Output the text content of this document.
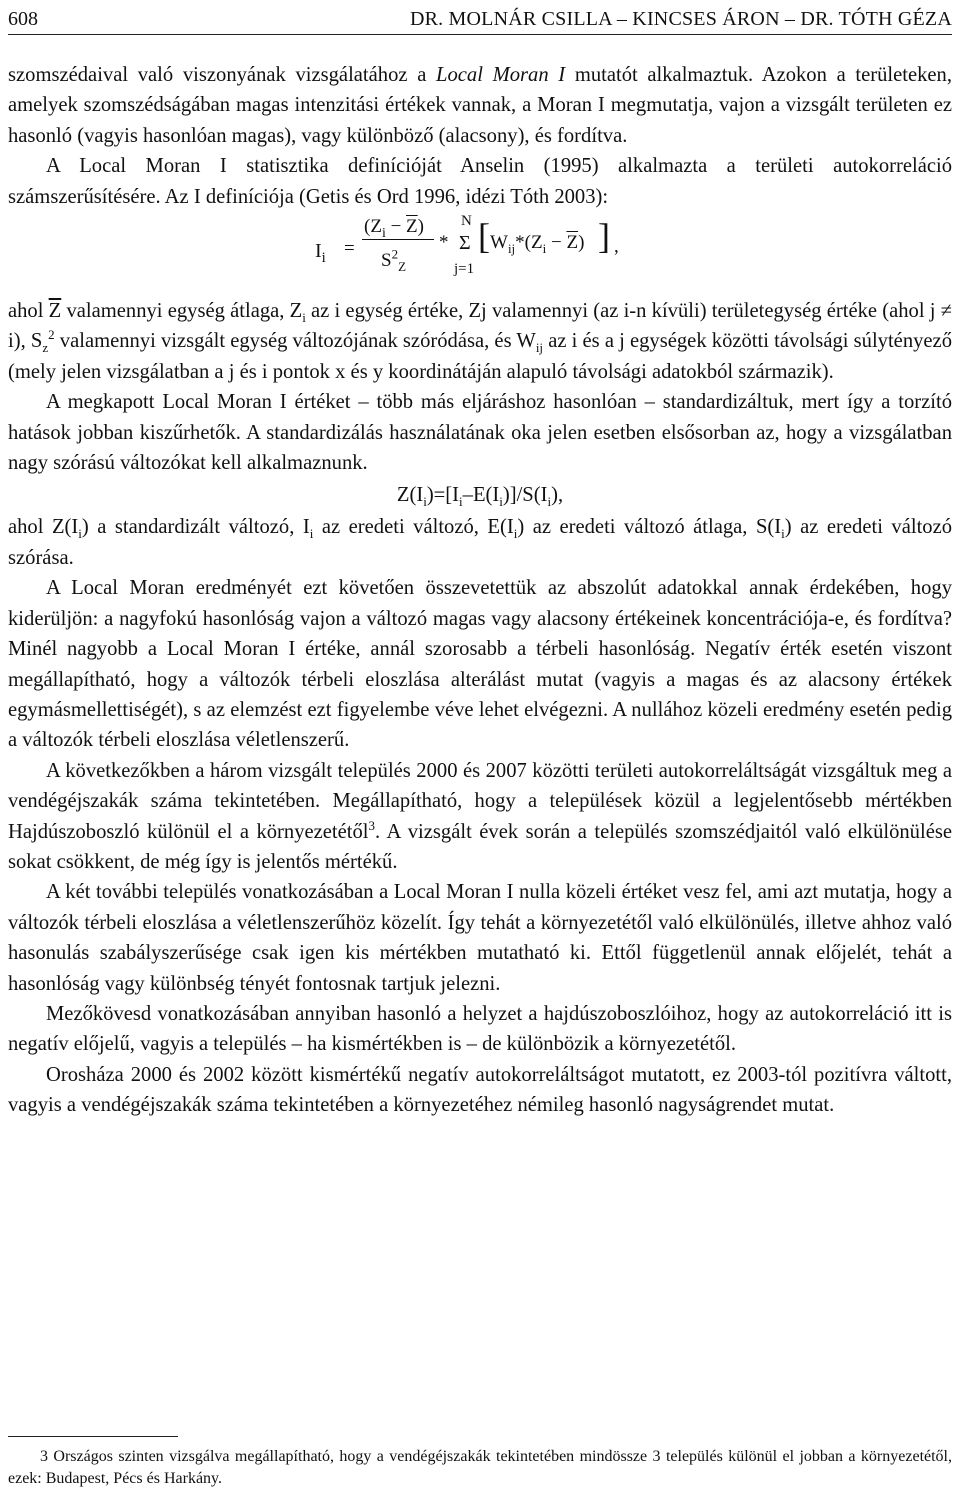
608	DR. MOLNÁR CSILLA – KINCSES ÁRON – DR. TÓTH GÉZA

szomszédaival való viszonyának vizsgálatához a Local Moran I mutatót alkalmaztuk. Azokon a területeken, amelyek szomszédságában magas intenzitási értékek vannak, a Moran I megmutatja, vajon a vizsgált területen ez hasonló (vagyis hasonlóan magas), vagy különböző (alacsony), és fordítva.

A Local Moran I statisztika definícióját Anselin (1995) alkalmazta a területi autokorreláció számszerűsítésére. Az I definíciója (Getis és Ord 1996, idézi Tóth 2003):

$I_i$ =
$(Z_i - \overline{Z})$
$S^2_Z$
*
N
Σ
j=1
[ $W_{ij}*(Z_i - \overline{Z})$ ] ,

ahol $\overline{Z}$ valamennyi egység átlaga, $Z_i$ az i egység értéke, Zj valamennyi (az i-n kívüli) területegység értéke (ahol j ≠ i), $S_z^2$ valamennyi vizsgált egység változójának szóródása, és $W_{ij}$ az i és a j egységek közötti távolsági súlytényező (mely jelen vizsgálatban a j és i pontok x és y koordinátáján alapuló távolsági adatokból származik).

A megkapott Local Moran I értéket – több más eljáráshoz hasonlóan – standardizáltuk, mert így a torzító hatások jobban kiszűrhetők. A standardizálás használatának oka jelen esetben elsősorban az, hogy a vizsgálatban nagy szórású változókat kell alkalmaznunk.

$Z(I_i)=[I_i-E(I_i)]/S(I_i)$,

ahol $Z(I_i)$ a standardizált változó, $I_i$ az eredeti változó, $E(I_i)$ az eredeti változó átlaga, $S(I_i)$ az eredeti változó szórása.

A Local Moran eredményét ezt követően összevetettük az abszolút adatokkal annak érdekében, hogy kiderüljön: a nagyfokú hasonlóság vajon a változó magas vagy alacsony értékeinek koncentrációja-e, és fordítva? Minél nagyobb a Local Moran I értéke, annál szorosabb a térbeli hasonlóság. Negatív érték esetén viszont megállapítható, hogy a változók térbeli eloszlása alterálást mutat (vagyis a magas és az alacsony értékek egymásmellettiségét), s az elemzést ezt figyelembe véve lehet elvégezni. A nullához közeli eredmény esetén pedig a változók térbeli eloszlása véletlenszerű.

A következőkben a három vizsgált település 2000 és 2007 közötti területi autokorreláltságát vizsgáltuk meg a vendégéjszakák száma tekintetében. Megállapítható, hogy a települések közül a legjelentősebb mértékben Hajdúszoboszló különül el a környezetétől$^3$. A vizsgált évek során a település szomszédjaitól való elkülönülése sokat csökkent, de még így is jelentős mértékű.

A két további település vonatkozásában a Local Moran I nulla közeli értéket vesz fel, ami azt mutatja, hogy a változók térbeli eloszlása a véletlenszerűhöz közelít. Így tehát a környezetétől való elkülönülés, illetve ahhoz való hasonulás szabályszerűsége csak igen kis mértékben mutatható ki. Ettől függetlenül annak előjelét, tehát a hasonlóság vagy különbség tényét fontosnak tartjuk jelezni.

Mezőkövesd vonatkozásában annyiban hasonló a helyzet a hajdúszoboszlóihoz, hogy az autokorreláció itt is negatív előjelű, vagyis a település – ha kismértékben is – de különbözik a környezetétől.

Orosháza 2000 és 2002 között kismértékű negatív autokorreláltságot mutatott, ez 2003-tól pozitívra váltott, vagyis a vendégéjszakák száma tekintetében a környezetéhez némileg hasonló nagyságrendet mutat.

3 Országos szinten vizsgálva megállapítható, hogy a vendégéjszakák tekintetében mindössze 3 település különül el jobban a környezetétől, ezek: Budapest, Pécs és Harkány.
